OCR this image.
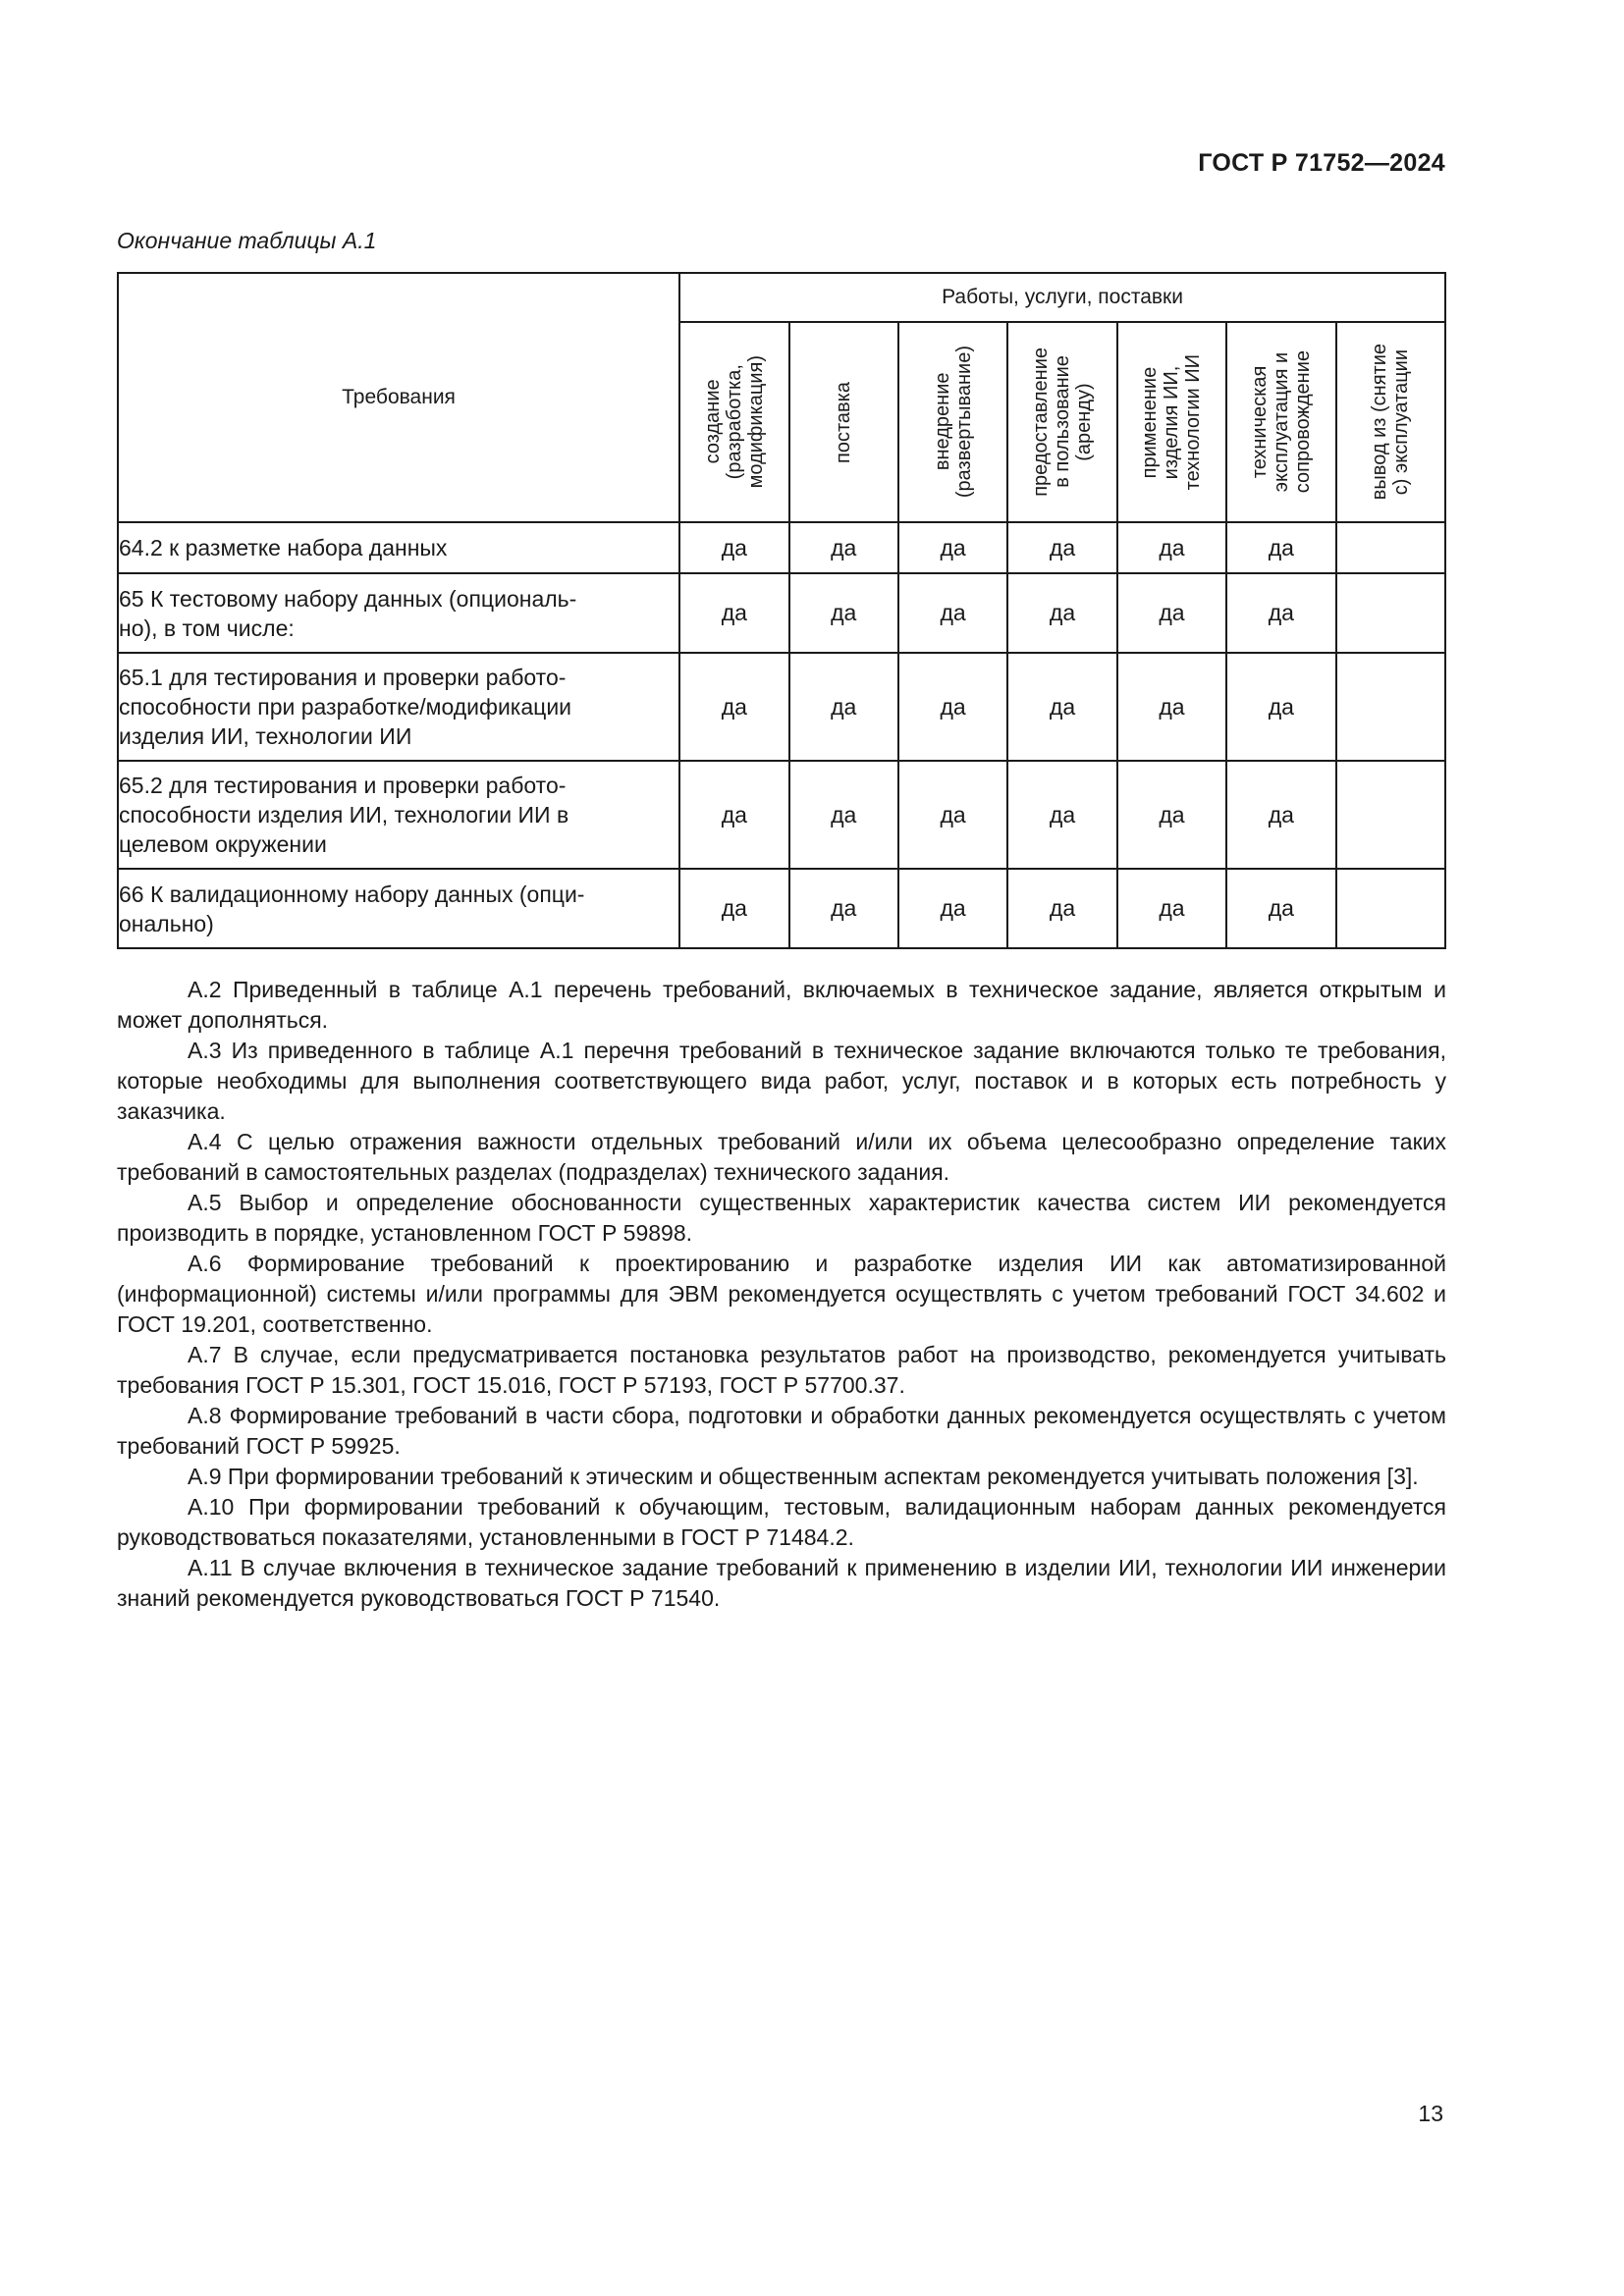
ГОСТ Р 71752—2024
Окончание таблицы А.1
Требования	Работы, услуги, поставки						

	создание
(разработка,
модификация)	поставка	внедрение
(развертывание)	предоставление
в пользование
(аренду)	применение
изделия ИИ,
технологии ИИ	техническая
эксплуатация и
сопровождение	вывод из (снятие
с) эксплуатации

64.2 к разметке набора данных	да	да	да	да	да	да	
65 К тестовому набору данных (опциональ-
но), в том числе:	да	да	да	да	да	да	
65.1 для тестирования и проверки работо-
способности при разработке/модификации
изделия ИИ, технологии ИИ	да	да	да	да	да	да	
65.2 для тестирования и проверки работо-
способности изделия ИИ, технологии ИИ в
целевом окружении	да	да	да	да	да	да	
66 К валидационному набору данных (опци-
онально)	да	да	да	да	да	да	

А.2 Приведенный в таблице А.1 перечень требований, включаемых в техническое задание, является открытым и может дополняться.

А.3 Из приведенного в таблице А.1 перечня требований в техническое задание включаются только те требования, которые необходимы для выполнения соответствующего вида работ, услуг, поставок и в которых есть потребность у заказчика.

А.4 С целью отражения важности отдельных требований и/или их объема целесообразно определение таких требований в самостоятельных разделах (подразделах) технического задания.

А.5 Выбор и определение обоснованности существенных характеристик качества систем ИИ рекомендуется производить в порядке, установленном ГОСТ Р 59898.

А.6 Формирование требований к проектированию и разработке изделия ИИ как автоматизированной (информационной) системы и/или программы для ЭВМ рекомендуется осуществлять с учетом требований ГОСТ 34.602 и ГОСТ 19.201, соответственно.

А.7 В случае, если предусматривается постановка результатов работ на производство, рекомендуется учитывать требования ГОСТ Р 15.301, ГОСТ 15.016, ГОСТ Р 57193, ГОСТ Р 57700.37.

А.8 Формирование требований в части сбора, подготовки и обработки данных рекомендуется осуществлять с учетом требований ГОСТ Р 59925.

А.9 При формировании требований к этическим и общественным аспектам рекомендуется учитывать положения [3].

А.10 При формировании требований к обучающим, тестовым, валидационным наборам данных рекомендуется руководствоваться показателями, установленными в ГОСТ Р 71484.2.

А.11 В случае включения в техническое задание требований к применению в изделии ИИ, технологии ИИ инженерии знаний рекомендуется руководствоваться ГОСТ Р 71540.

13
